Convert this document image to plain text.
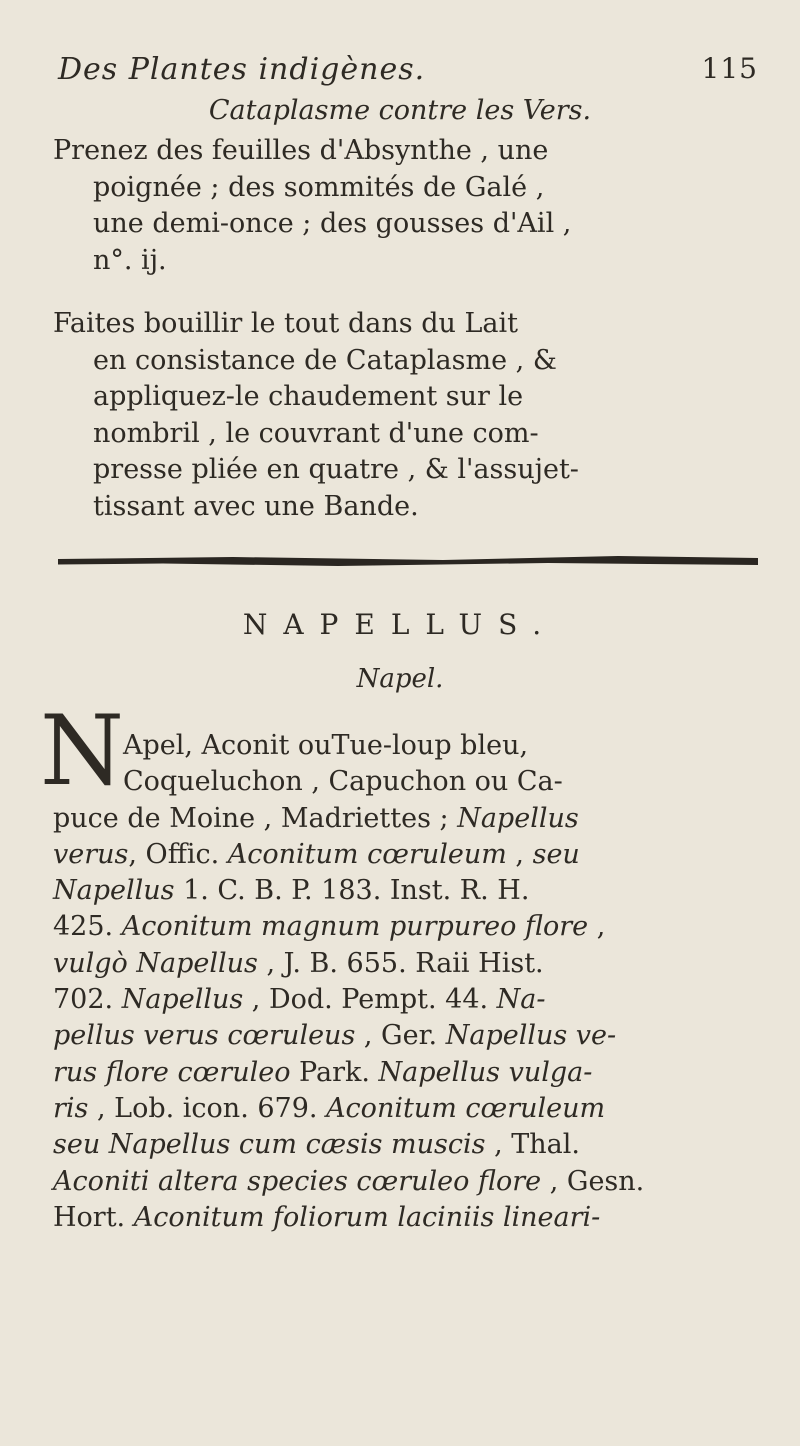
Des Plantes indigènes.	115
Cataplasme contre les Vers.
Prenez des feuilles d'Absynthe , une
poignée ; des sommités de Galé ,
une demi-once ; des gousses d'Ail ,
n°. ij.
Faites bouillir le tout dans du Lait
en consistance de Cataplasme , &
appliquez-le chaudement sur le
nombril , le couvrant d'une com-
presse pliée en quatre , & l'assujet-
tissant avec une Bande.
NAPELLUS.
Napel.
N Apel, Aconit ouTue-loup bleu,
Coqueluchon , Capuchon ou Ca-
puce de Moine , Madriettes ; Napellus
verus, Offic. Aconitum cœruleum , seu
Napellus 1. C. B. P. 183. Inst. R. H.
425. Aconitum magnum purpureo flore ,
vulgò Napellus , J. B. 655. Raii Hist.
702. Napellus , Dod. Pempt. 44. Na-
pellus verus cœruleus , Ger. Napellus ve-
rus flore cœruleo Park. Napellus vulga-
ris , Lob. icon. 679. Aconitum cœruleum
seu Napellus cum cæsis muscis , Thal.
Aconiti altera species cœruleo flore , Gesn.
Hort. Aconitum foliorum laciniis lineari-
